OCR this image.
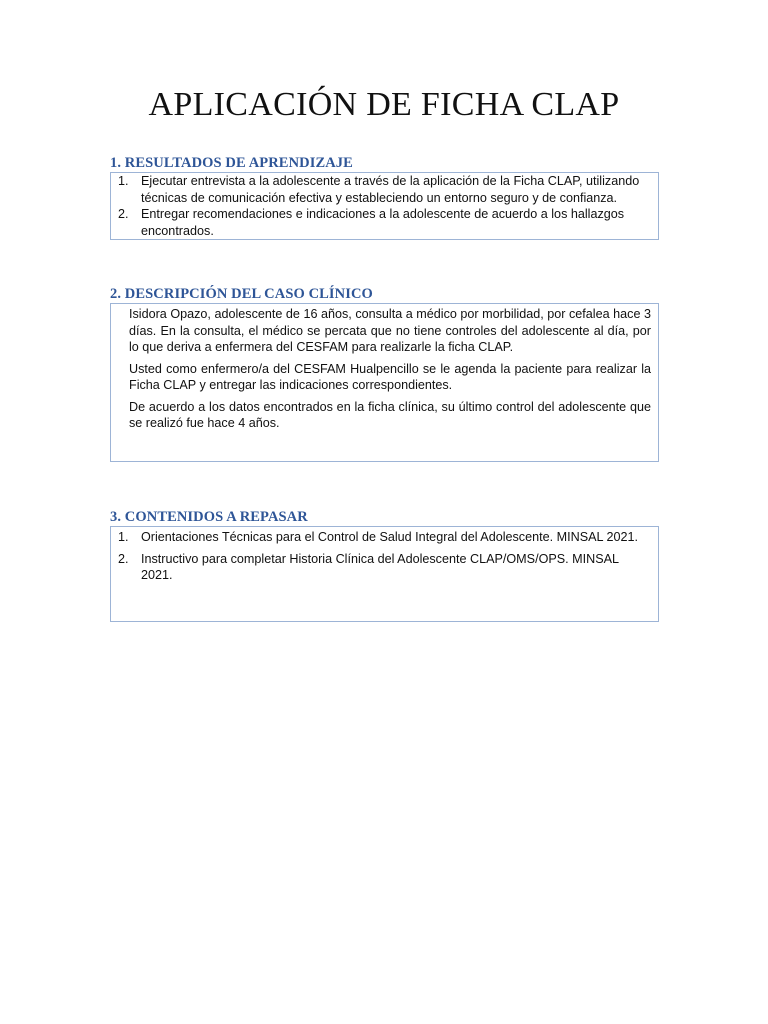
APLICACIÓN DE FICHA CLAP
1. RESULTADOS DE APRENDIZAJE
1. Ejecutar entrevista a la adolescente a través de la aplicación de la Ficha CLAP, utilizando técnicas de comunicación efectiva y estableciendo un entorno seguro y de confianza.
2. Entregar recomendaciones e indicaciones a la adolescente de acuerdo a los hallazgos encontrados.
2. DESCRIPCIÓN DEL CASO CLÍNICO

Isidora Opazo, adolescente de 16 años, consulta a médico por morbilidad, por cefalea hace 3 días. En la consulta, el médico se percata que no tiene controles del adolescente al día, por lo que deriva a enfermera del CESFAM para realizarle la ficha CLAP.

Usted como enfermero/a del CESFAM Hualpencillo se le agenda la paciente para realizar la Ficha CLAP y entregar las indicaciones correspondientes.

De acuerdo a los datos encontrados en la ficha clínica, su último control del adolescente que se realizó fue hace 4 años.

3. CONTENIDOS A REPASAR
1. Orientaciones Técnicas para el Control de Salud Integral del Adolescente. MINSAL 2021.
2. Instructivo para completar Historia Clínica del Adolescente CLAP/OMS/OPS. MINSAL 2021.
